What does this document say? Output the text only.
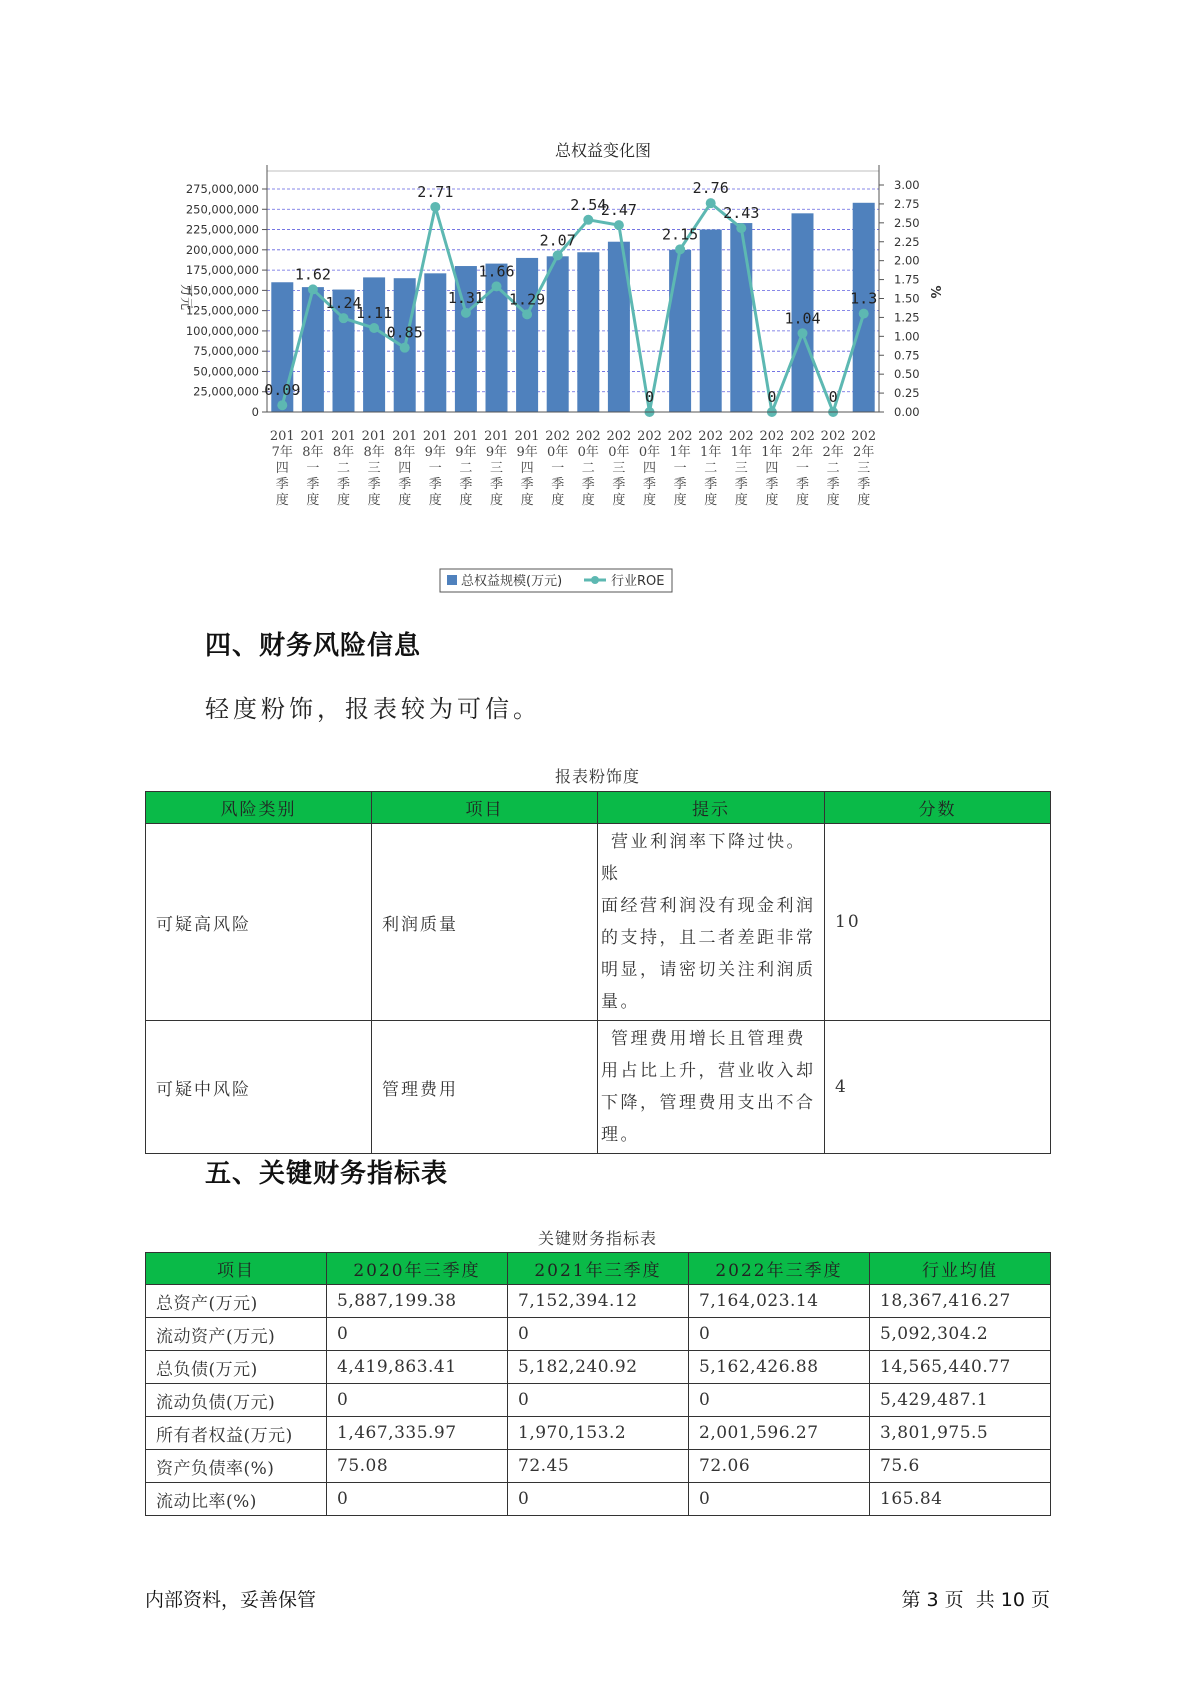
总权益变化图
0
25,000,000
50,000,000
75,000,000
100,000,000
125,000,000
150,000,000
175,000,000
200,000,000
225,000,000
250,000,000
275,000,000
0.00
0.25
0.50
0.75
1.00
1.25
1.50
1.75
2.00
2.25
2.50
2.75
3.00
201
7年
四
季
度
201
8年
一
季
度
201
8年
二
季
度
201
8年
三
季
度
201
8年
四
季
度
201
9年
一
季
度
201
9年
二
季
度
201
9年
三
季
度
201
9年
四
季
度
202
0年
一
季
度
202
0年
二
季
度
202
0年
三
季
度
202
0年
四
季
度
202
1年
一
季
度
202
1年
二
季
度
202
1年
三
季
度
202
1年
四
季
度
202
2年
一
季
度
202
2年
二
季
度
202
2年
三
季
度
0.09
1.62
1.24
1.11
0.85
2.71
1.31
1.66
1.29
2.07
2.54
2.47
0
2.15
2.76
2.43
0
1.04
0
1.3
万元	%
总权益规模(万元)	行业ROE
四、财务风险信息
轻度粉饰，报表较为可信。
报表粉饰度
风险类别	项目	提示	分数
可疑高风险	利润质量	营业利润率下降过快。账
面经营利润没有现金利润
的支持，且二者差距非常
明显，请密切关注利润质
量。	10
可疑中风险	管理费用	管理费用增长且管理费
用占比上升，营业收入却
下降，管理费用支出不合
理。	4
五、关键财务指标表
关键财务指标表
项目	2020年三季度	2021年三季度	2022年三季度	行业均值
总资产(万元)	5,887,199.38	7,152,394.12	7,164,023.14	18,367,416.27
流动资产(万元)	0	0	0	5,092,304.2
总负债(万元)	4,419,863.41	5,182,240.92	5,162,426.88	14,565,440.77
流动负债(万元)	0	0	0	5,429,487.1
所有者权益(万元)	1,467,335.97	1,970,153.2	2,001,596.27	3,801,975.5
资产负债率(%)	75.08	72.45	72.06	75.6
流动比率(%)	0	0	0	165.84
内部资料，妥善保管	第 3 页  共 10 页
